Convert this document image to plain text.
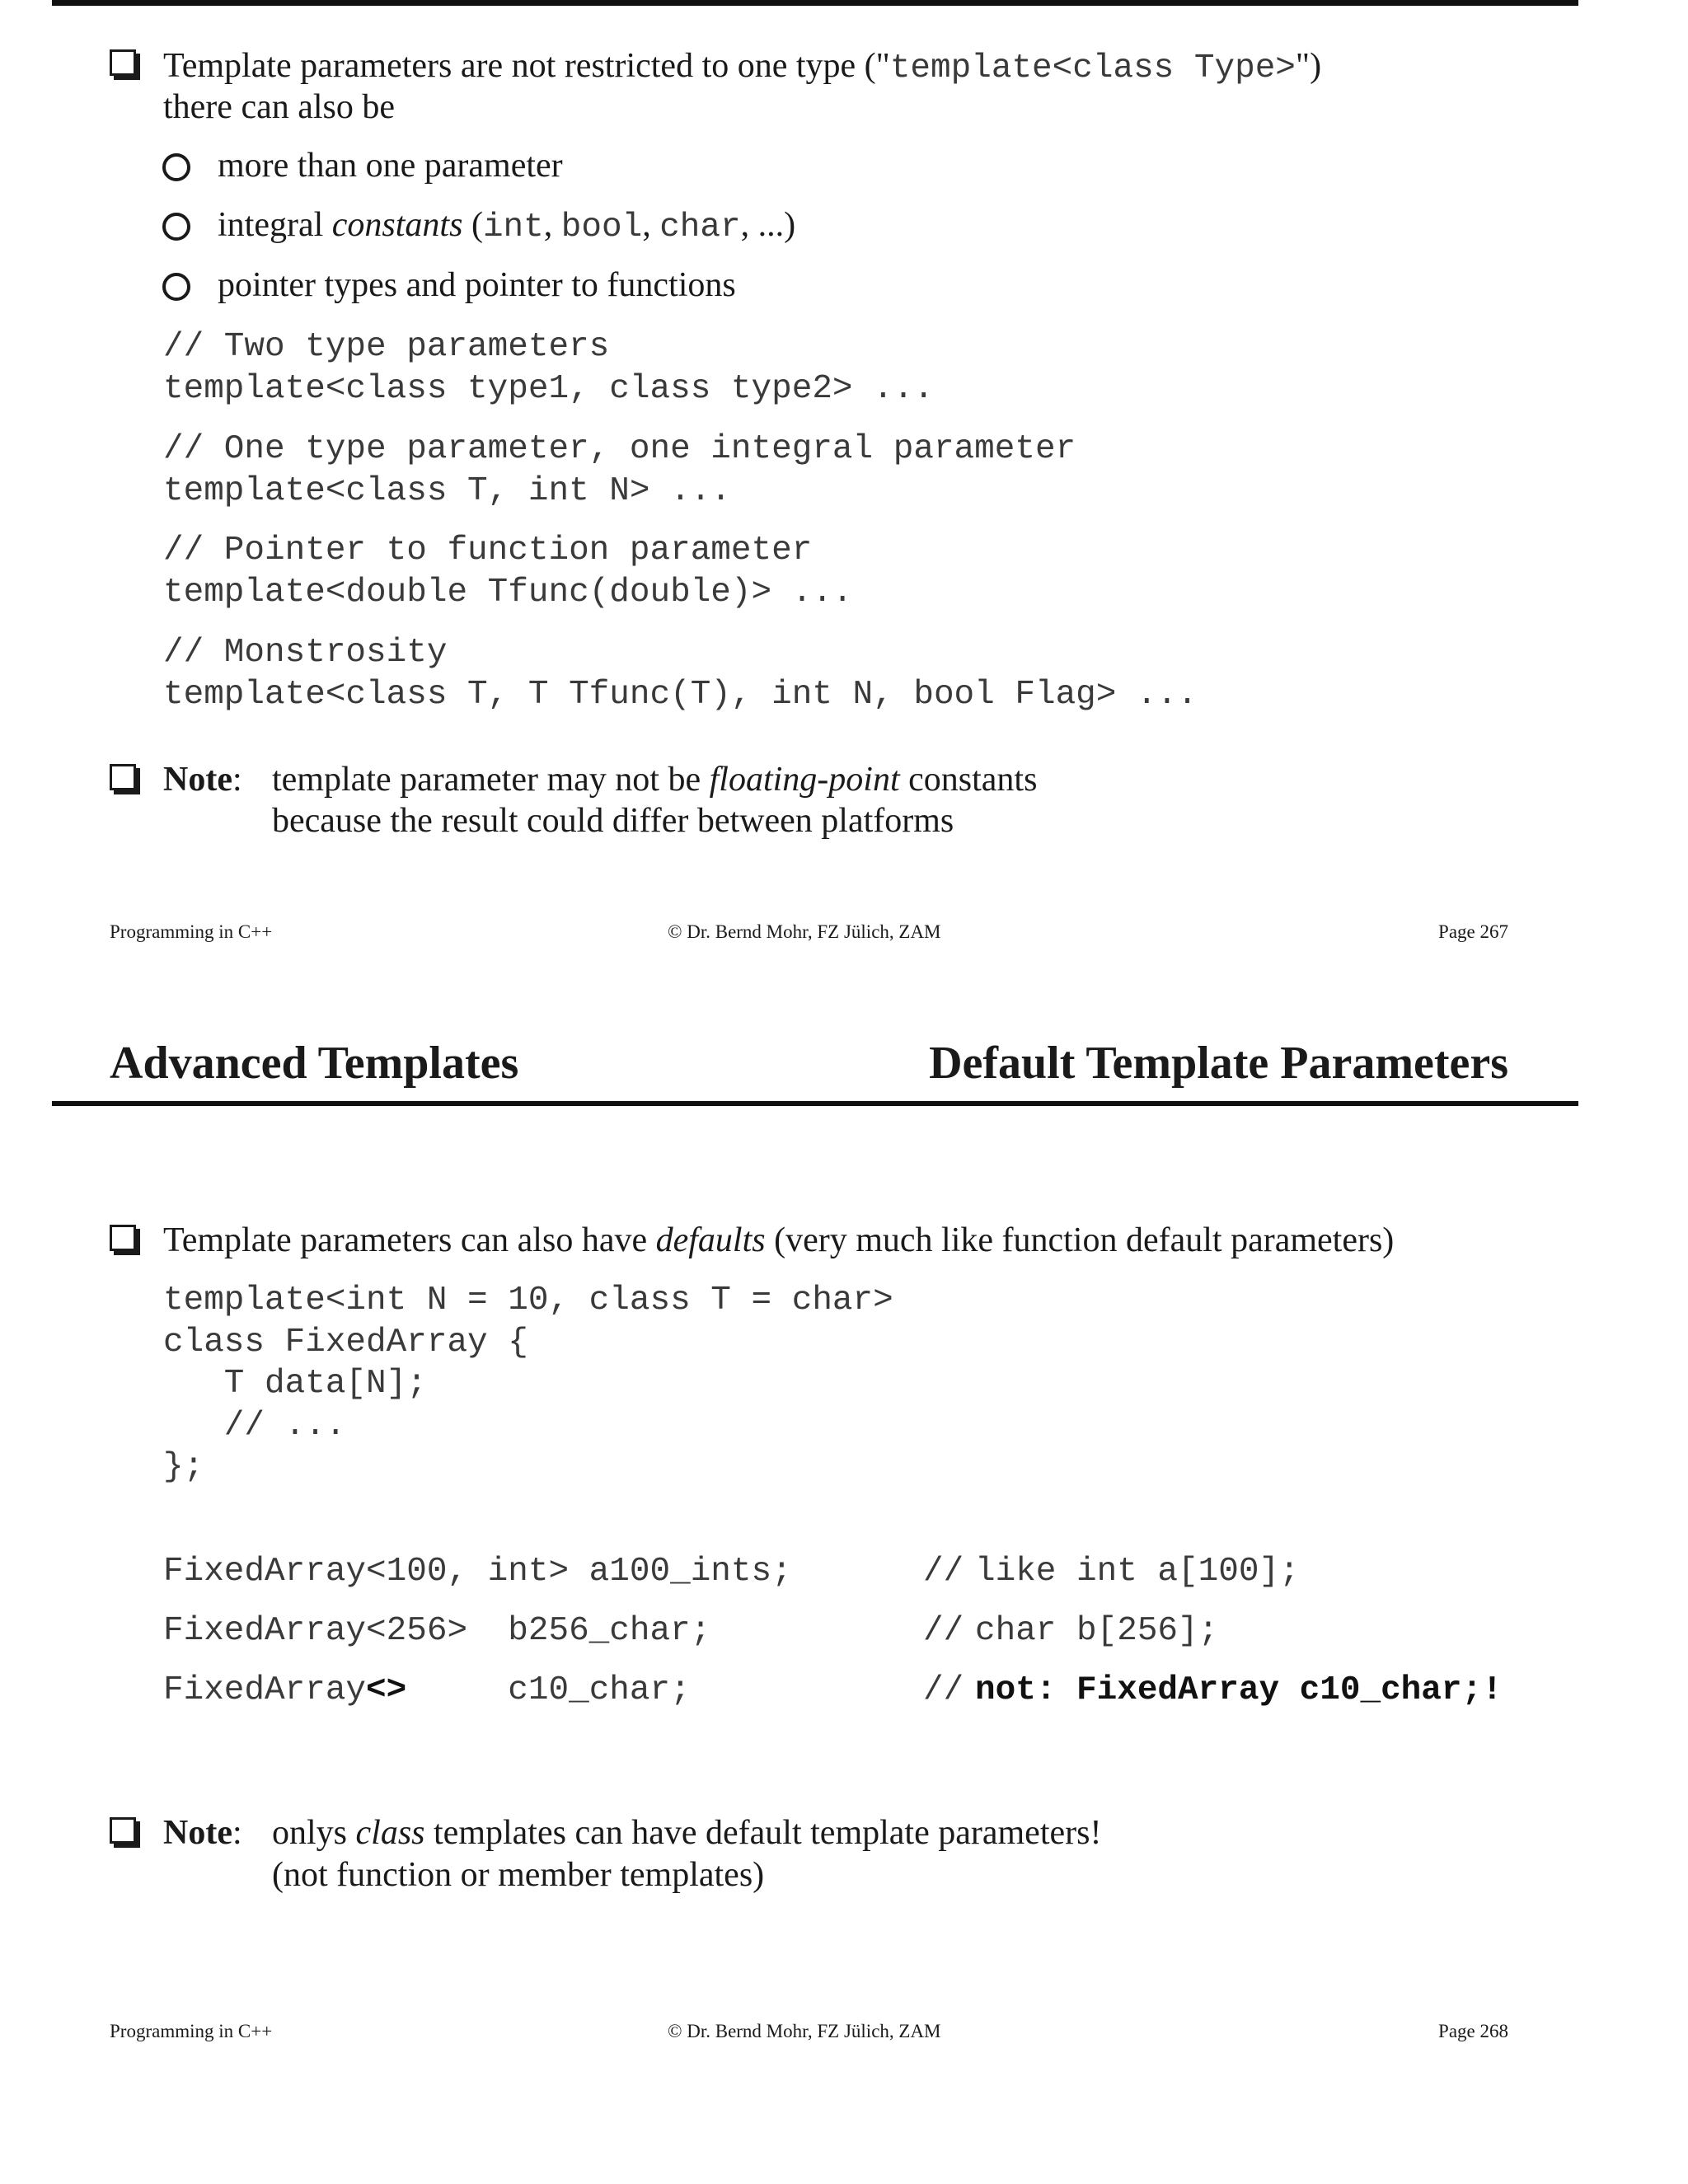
Template parameters are not restricted to one type ("template<class Type>")
there can also be
more than one parameter
integral constants (int, bool, char, ...)
pointer types and pointer to functions
// Two type parameters
template<class type1, class type2> ...
// One type parameter, one integral parameter
template<class T, int N> ...
// Pointer to function parameter
template<double Tfunc(double)> ...
// Monstrosity
template<class T, T Tfunc(T), int N, bool Flag> ...
Note: template parameter may not be floating-point constants
because the result could differ between platforms
Programming in C++	© Dr. Bernd Mohr, FZ Jülich, ZAM	Page 267
Advanced Templates	Default Template Parameters
Template parameters can also have defaults (very much like function default parameters)
template<int N = 10, class T = char>
class FixedArray {
T data[N];
// ...
};
FixedArray<100, int> a100_ints;	// like int a[100];
FixedArray<256>  b256_char;	// char b[256];
FixedArray<>     c10_char;	// not: FixedArray c10_char;!
Note: onlys class templates can have default template parameters!
(not function or member templates)
Programming in C++	© Dr. Bernd Mohr, FZ Jülich, ZAM	Page 268
